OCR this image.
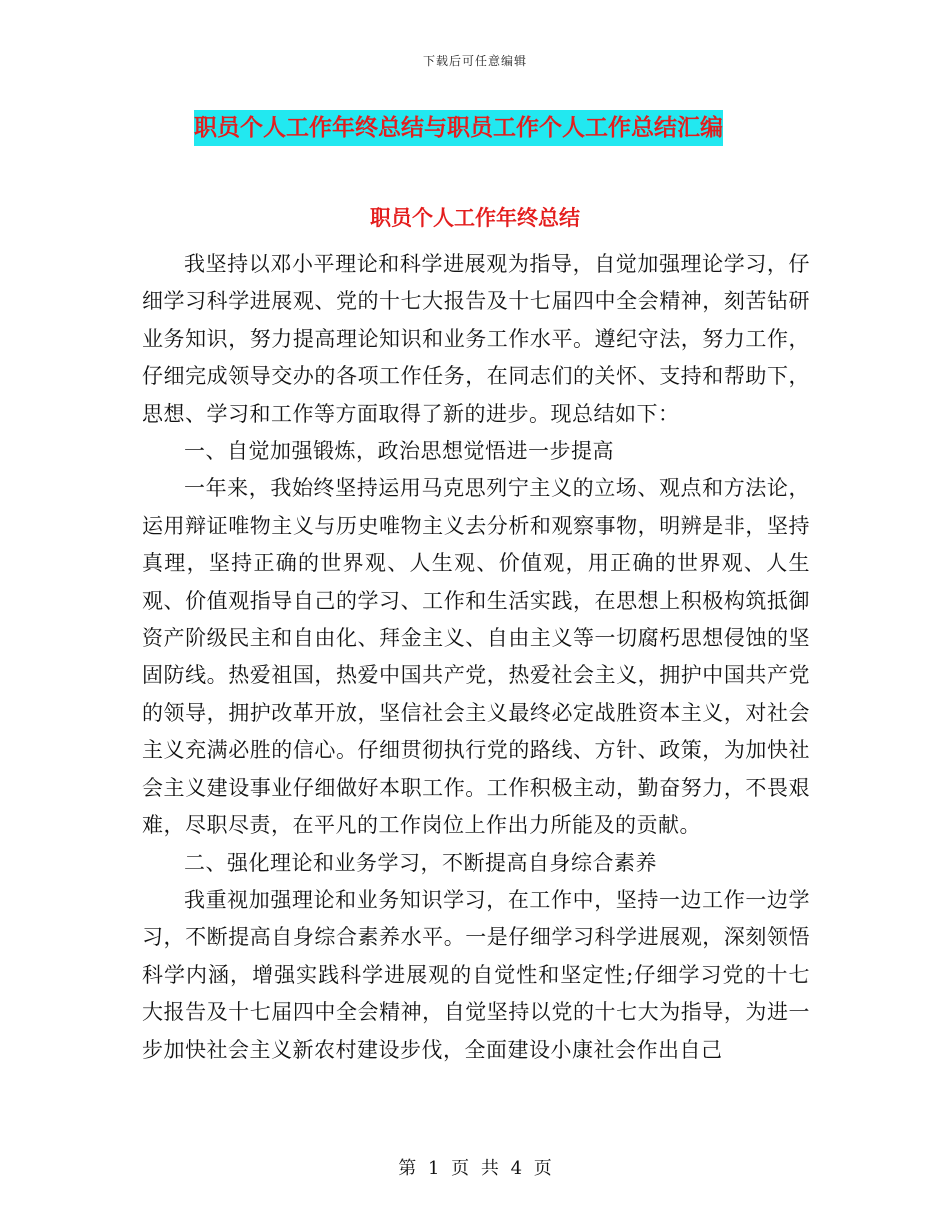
下载后可任意编辑
职员个人工作年终总结与职员工作个人工作总结汇编
职员个人工作年终总结

我坚持以邓小平理论和科学进展观为指导，自觉加强理论学习，仔细学习科学进展观、党的十七大报告及十七届四中全会精神，刻苦钻研业务知识，努力提高理论知识和业务工作水平。遵纪守法，努力工作，仔细完成领导交办的各项工作任务，在同志们的关怀、支持和帮助下，思想、学习和工作等方面取得了新的进步。现总结如下：

一、自觉加强锻炼，政治思想觉悟进一步提高

一年来，我始终坚持运用马克思列宁主义的立场、观点和方法论，运用辩证唯物主义与历史唯物主义去分析和观察事物，明辨是非，坚持真理，坚持正确的世界观、人生观、价值观，用正确的世界观、人生观、价值观指导自己的学习、工作和生活实践，在思想上积极构筑抵御资产阶级民主和自由化、拜金主义、自由主义等一切腐朽思想侵蚀的坚固防线。热爱祖国，热爱中国共产党，热爱社会主义，拥护中国共产党的领导，拥护改革开放，坚信社会主义最终必定战胜资本主义，对社会主义充满必胜的信心。仔细贯彻执行党的路线、方针、政策，为加快社会主义建设事业仔细做好本职工作。工作积极主动，勤奋努力，不畏艰难，尽职尽责，在平凡的工作岗位上作出力所能及的贡献。

二、强化理论和业务学习，不断提高自身综合素养

我重视加强理论和业务知识学习，在工作中，坚持一边工作一边学习，不断提高自身综合素养水平。一是仔细学习科学进展观，深刻领悟科学内涵，增强实践科学进展观的自觉性和坚定性;仔细学习党的十七大报告及十七届四中全会精神，自觉坚持以党的十七大为指导，为进一步加快社会主义新农村建设步伐，全面建设小康社会作出自己

第 1 页 共 4 页
